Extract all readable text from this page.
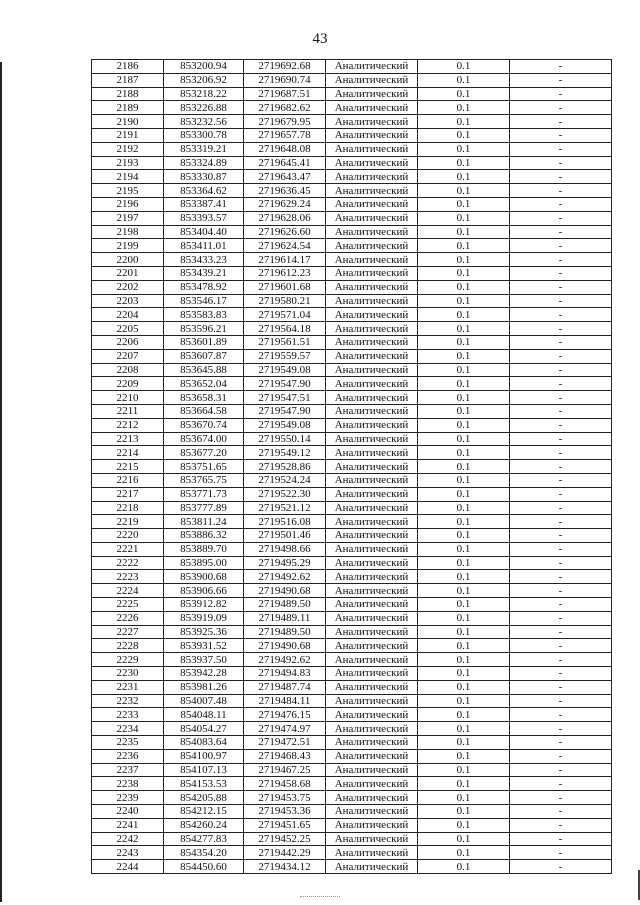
43
2186	853200.94	2719692.68	Аналитический	0.1	-
2187	853206.92	2719690.74	Аналитический	0.1	-
2188	853218.22	2719687.51	Аналитический	0.1	-
2189	853226.88	2719682.62	Аналитический	0.1	-
2190	853232.56	2719679.95	Аналитический	0.1	-
2191	853300.78	2719657.78	Аналитический	0.1	-
2192	853319.21	2719648.08	Аналитический	0.1	-
2193	853324.89	2719645.41	Аналитический	0.1	-
2194	853330.87	2719643.47	Аналитический	0.1	-
2195	853364.62	2719636.45	Аналитический	0.1	-
2196	853387.41	2719629.24	Аналитический	0.1	-
2197	853393.57	2719628.06	Аналитический	0.1	-
2198	853404.40	2719626.60	Аналитический	0.1	-
2199	853411.01	2719624.54	Аналитический	0.1	-
2200	853433.23	2719614.17	Аналитический	0.1	-
2201	853439.21	2719612.23	Аналитический	0.1	-
2202	853478.92	2719601.68	Аналитический	0.1	-
2203	853546.17	2719580.21	Аналитический	0.1	-
2204	853583.83	2719571.04	Аналитический	0.1	-
2205	853596.21	2719564.18	Аналитический	0.1	-
2206	853601.89	2719561.51	Аналитический	0.1	-
2207	853607.87	2719559.57	Аналитический	0.1	-
2208	853645.88	2719549.08	Аналитический	0.1	-
2209	853652.04	2719547.90	Аналитический	0.1	-
2210	853658.31	2719547.51	Аналитический	0.1	-
2211	853664.58	2719547.90	Аналитический	0.1	-
2212	853670.74	2719549.08	Аналитический	0.1	-
2213	853674.00	2719550.14	Аналитический	0.1	-
2214	853677.20	2719549.12	Аналитический	0.1	-
2215	853751.65	2719528.86	Аналитический	0.1	-
2216	853765.75	2719524.24	Аналитический	0.1	-
2217	853771.73	2719522.30	Аналитический	0.1	-
2218	853777.89	2719521.12	Аналитический	0.1	-
2219	853811.24	2719516.08	Аналитический	0.1	-
2220	853886.32	2719501.46	Аналитический	0.1	-
2221	853889.70	2719498.66	Аналитический	0.1	-
2222	853895.00	2719495.29	Аналитический	0.1	-
2223	853900.68	2719492.62	Аналитический	0.1	-
2224	853906.66	2719490.68	Аналитический	0.1	-
2225	853912.82	2719489.50	Аналитический	0.1	-
2226	853919.09	2719489.11	Аналитический	0.1	-
2227	853925.36	2719489.50	Аналитический	0.1	-
2228	853931.52	2719490.68	Аналитический	0.1	-
2229	853937.50	2719492.62	Аналитический	0.1	-
2230	853942.28	2719494.83	Аналитический	0.1	-
2231	853981.26	2719487.74	Аналитический	0.1	-
2232	854007.48	2719484.11	Аналитический	0.1	-
2233	854048.11	2719476.15	Аналитический	0.1	-
2234	854054.27	2719474.97	Аналитический	0.1	-
2235	854083.64	2719472.51	Аналитический	0.1	-
2236	854100.97	2719468.43	Аналитический	0.1	-
2237	854107.13	2719467.25	Аналитический	0.1	-
2238	854153.53	2719458.68	Аналитический	0.1	-
2239	854205.88	2719453.75	Аналитический	0.1	-
2240	854212.15	2719453.36	Аналитический	0.1	-
2241	854260.24	2719451.65	Аналитический	0.1	-
2242	854277.83	2719452.25	Аналитический	0.1	-
2243	854354.20	2719442.29	Аналитический	0.1	-
2244	854450.60	2719434.12	Аналитический	0.1	-
